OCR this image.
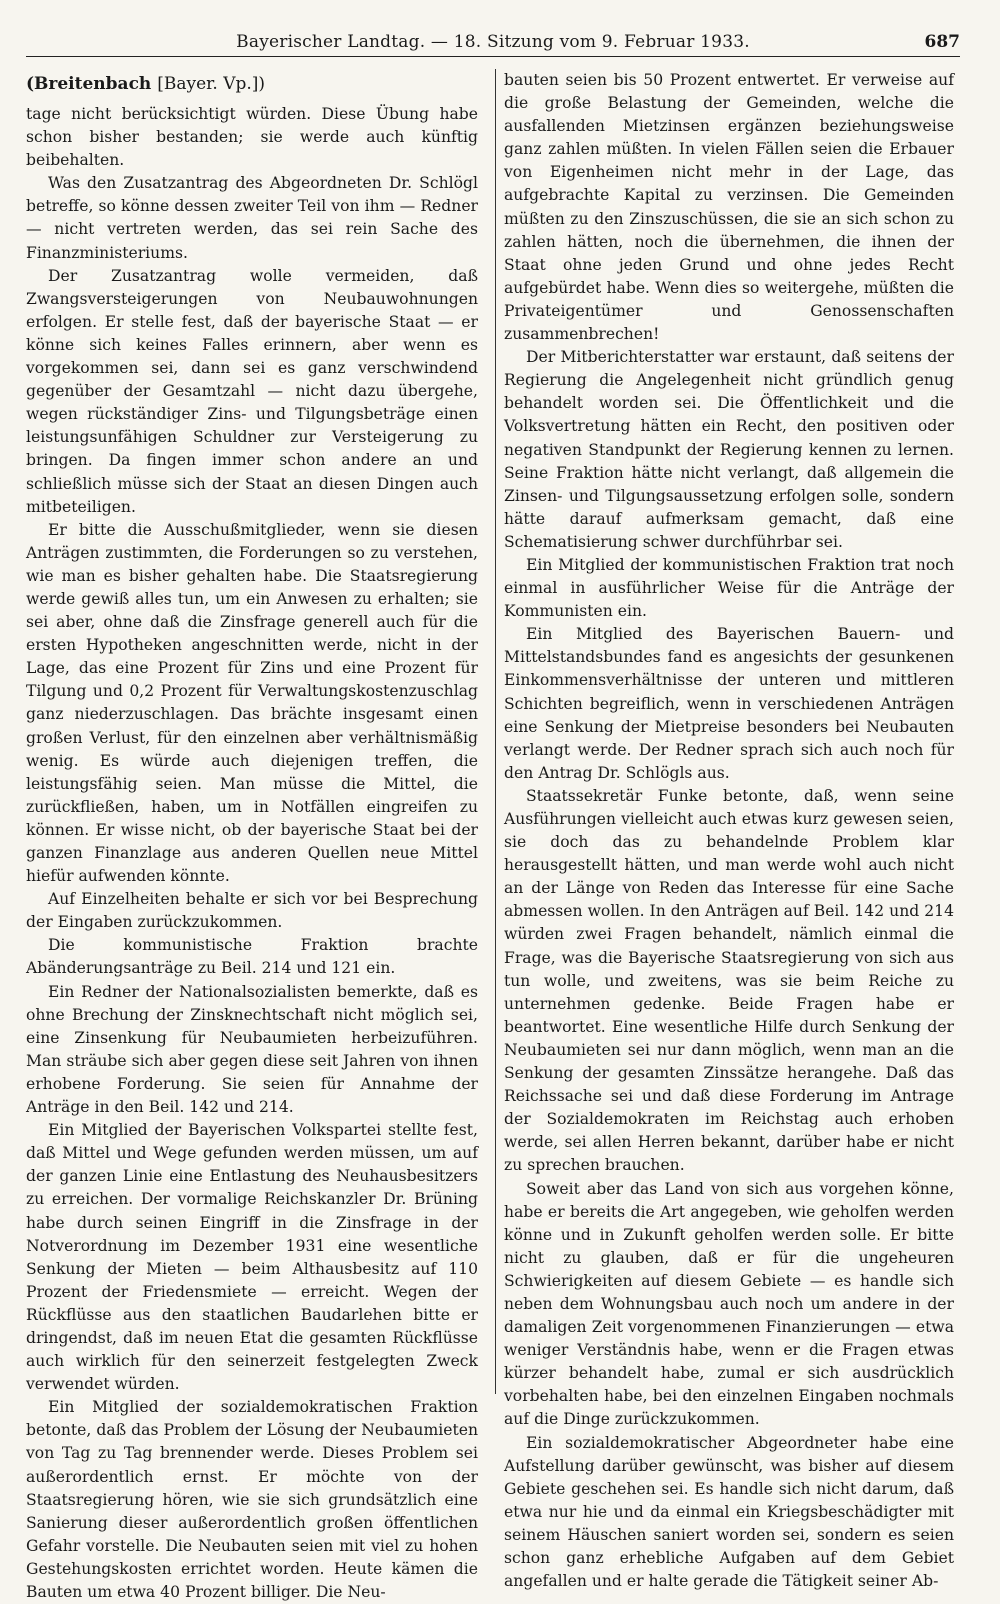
Bayerischer Landtag. — 18. Sitzung vom 9. Februar 1933.	687
(Breitenbach [Bayer. Vp.])

tage nicht berücksichtigt würden. Diese Übung habe schon bisher bestanden; sie werde auch künftig beibehalten.

Was den Zusatzantrag des Abgeordneten Dr. Schlögl betreffe, so könne dessen zweiter Teil von ihm — Redner — nicht vertreten werden, das sei rein Sache des Finanzministeriums.

Der Zusatzantrag wolle vermeiden, daß Zwangsversteigerungen von Neubauwohnungen erfolgen. Er stelle fest, daß der bayerische Staat — er könne sich keines Falles erinnern, aber wenn es vorgekommen sei, dann sei es ganz verschwindend gegenüber der Gesamtzahl — nicht dazu übergehe, wegen rückständiger Zins- und Tilgungsbeträge einen leistungsunfähigen Schuldner zur Versteigerung zu bringen. Da fingen immer schon andere an und schließlich müsse sich der Staat an diesen Dingen auch mitbeteiligen.

Er bitte die Ausschußmitglieder, wenn sie diesen Anträgen zustimmten, die Forderungen so zu verstehen, wie man es bisher gehalten habe. Die Staatsregierung werde gewiß alles tun, um ein Anwesen zu erhalten; sie sei aber, ohne daß die Zinsfrage generell auch für die ersten Hypotheken angeschnitten werde, nicht in der Lage, das eine Prozent für Zins und eine Prozent für Tilgung und 0,2 Prozent für Verwaltungskostenzuschlag ganz niederzuschlagen. Das brächte insgesamt einen großen Verlust, für den einzelnen aber verhältnismäßig wenig. Es würde auch diejenigen treffen, die leistungsfähig seien. Man müsse die Mittel, die zurückfließen, haben, um in Notfällen eingreifen zu können. Er wisse nicht, ob der bayerische Staat bei der ganzen Finanzlage aus anderen Quellen neue Mittel hiefür aufwenden könnte.

Auf Einzelheiten behalte er sich vor bei Besprechung der Eingaben zurückzukommen.

Die kommunistische Fraktion brachte Abänderungsanträge zu Beil. 214 und 121 ein.

Ein Redner der Nationalsozialisten bemerkte, daß es ohne Brechung der Zinsknechtschaft nicht möglich sei, eine Zinsenkung für Neubaumieten herbeizuführen. Man sträube sich aber gegen diese seit Jahren von ihnen erhobene Forderung. Sie seien für Annahme der Anträge in den Beil. 142 und 214.

Ein Mitglied der Bayerischen Volkspartei stellte fest, daß Mittel und Wege gefunden werden müssen, um auf der ganzen Linie eine Entlastung des Neuhausbesitzers zu erreichen. Der vormalige Reichskanzler Dr. Brüning habe durch seinen Eingriff in die Zinsfrage in der Notverordnung im Dezember 1931 eine wesentliche Senkung der Mieten — beim Althausbesitz auf 110 Prozent der Friedensmiete — erreicht. Wegen der Rückflüsse aus den staatlichen Baudarlehen bitte er dringendst, daß im neuen Etat die gesamten Rückflüsse auch wirklich für den seinerzeit festgelegten Zweck verwendet würden.

Ein Mitglied der sozialdemokratischen Fraktion betonte, daß das Problem der Lösung der Neubaumieten von Tag zu Tag brennender werde. Dieses Problem sei außerordentlich ernst. Er möchte von der Staatsregierung hören, wie sie sich grundsätzlich eine Sanierung dieser außerordentlich großen öffentlichen Gefahr vorstelle. Die Neubauten seien mit viel zu hohen Gestehungskosten errichtet worden. Heute kämen die Bauten um etwa 40 Prozent billiger. Die Neu-

bauten seien bis 50 Prozent entwertet. Er verweise auf die große Belastung der Gemeinden, welche die ausfallenden Mietzinsen ergänzen beziehungsweise ganz zahlen müßten. In vielen Fällen seien die Erbauer von Eigenheimen nicht mehr in der Lage, das aufgebrachte Kapital zu verzinsen. Die Gemeinden müßten zu den Zinszuschüssen, die sie an sich schon zu zahlen hätten, noch die übernehmen, die ihnen der Staat ohne jeden Grund und ohne jedes Recht aufgebürdet habe. Wenn dies so weitergehe, müßten die Privateigentümer und Genossenschaften zusammenbrechen!

Der Mitberichterstatter war erstaunt, daß seitens der Regierung die Angelegenheit nicht gründlich genug behandelt worden sei. Die Öffentlichkeit und die Volksvertretung hätten ein Recht, den positiven oder negativen Standpunkt der Regierung kennen zu lernen. Seine Fraktion hätte nicht verlangt, daß allgemein die Zinsen- und Tilgungsaussetzung erfolgen solle, sondern hätte darauf aufmerksam gemacht, daß eine Schematisierung schwer durchführbar sei.

Ein Mitglied der kommunistischen Fraktion trat noch einmal in ausführlicher Weise für die Anträge der Kommunisten ein.

Ein Mitglied des Bayerischen Bauern- und Mittelstandsbundes fand es angesichts der gesunkenen Einkommensverhältnisse der unteren und mittleren Schichten begreiflich, wenn in verschiedenen Anträgen eine Senkung der Mietpreise besonders bei Neubauten verlangt werde. Der Redner sprach sich auch noch für den Antrag Dr. Schlögls aus.

Staatssekretär Funke betonte, daß, wenn seine Ausführungen vielleicht auch etwas kurz gewesen seien, sie doch das zu behandelnde Problem klar herausgestellt hätten, und man werde wohl auch nicht an der Länge von Reden das Interesse für eine Sache abmessen wollen. In den Anträgen auf Beil. 142 und 214 würden zwei Fragen behandelt, nämlich einmal die Frage, was die Bayerische Staatsregierung von sich aus tun wolle, und zweitens, was sie beim Reiche zu unternehmen gedenke. Beide Fragen habe er beantwortet. Eine wesentliche Hilfe durch Senkung der Neubaumieten sei nur dann möglich, wenn man an die Senkung der gesamten Zinssätze herangehe. Daß das Reichssache sei und daß diese Forderung im Antrage der Sozialdemokraten im Reichstag auch erhoben werde, sei allen Herren bekannt, darüber habe er nicht zu sprechen brauchen.

Soweit aber das Land von sich aus vorgehen könne, habe er bereits die Art angegeben, wie geholfen werden könne und in Zukunft geholfen werden solle. Er bitte nicht zu glauben, daß er für die ungeheuren Schwierigkeiten auf diesem Gebiete — es handle sich neben dem Wohnungsbau auch noch um andere in der damaligen Zeit vorgenommenen Finanzierungen — etwa weniger Verständnis habe, wenn er die Fragen etwas kürzer behandelt habe, zumal er sich ausdrücklich vorbehalten habe, bei den einzelnen Eingaben nochmals auf die Dinge zurückzukommen.

Ein sozialdemokratischer Abgeordneter habe eine Aufstellung darüber gewünscht, was bisher auf diesem Gebiete geschehen sei. Es handle sich nicht darum, daß etwa nur hie und da einmal ein Kriegsbeschädigter mit seinem Häuschen saniert worden sei, sondern es seien schon ganz erhebliche Aufgaben auf dem Gebiet angefallen und er halte gerade die Tätigkeit seiner Ab-
